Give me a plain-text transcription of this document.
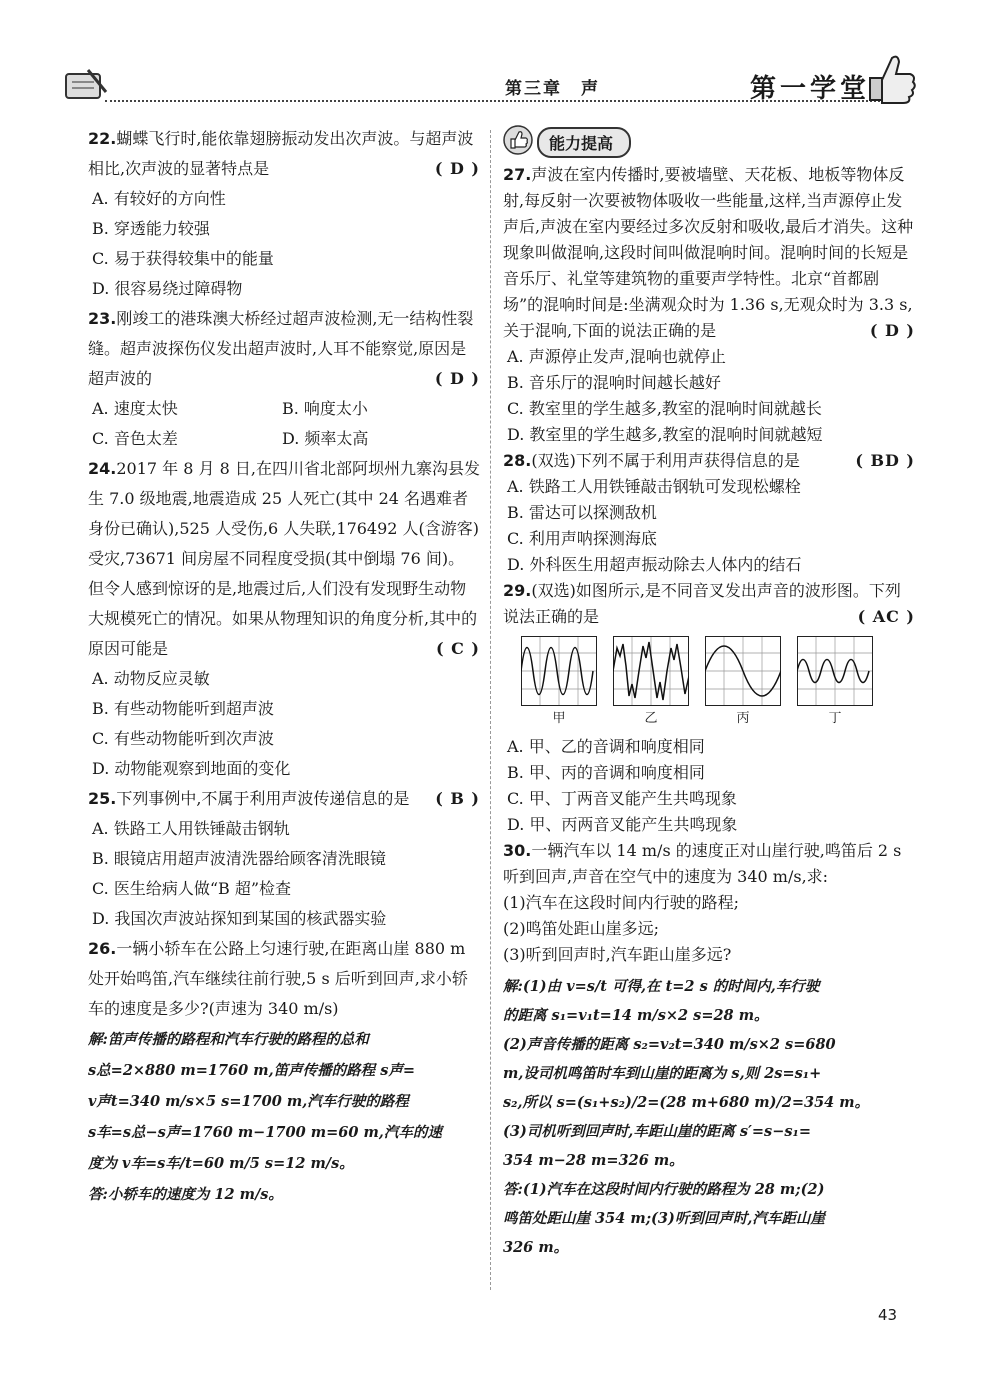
第三章　声	第一学堂

22.蝴蝶飞行时,能依靠翅膀振动发出次声波。与超声波相比,次声波的显著特点是	( D )

A. 有较好的方向性

B. 穿透能力较强

C. 易于获得较集中的能量

D. 很容易绕过障碍物

23.刚竣工的港珠澳大桥经过超声波检测,无一结构性裂缝。超声波探伤仪发出超声波时,人耳不能察觉,原因是超声波的	( D )

A. 速度太快	B. 响度太小
C. 音色太差	D. 频率太高

24.2017 年 8 月 8 日,在四川省北部阿坝州九寨沟县发生 7.0 级地震,地震造成 25 人死亡(其中 24 名遇难者身份已确认),525 人受伤,6 人失联,176492 人(含游客)受灾,73671 间房屋不同程度受损(其中倒塌 76 间)。但令人感到惊讶的是,地震过后,人们没有发现野生动物大规模死亡的情况。如果从物理知识的角度分析,其中的原因可能是	( C )

A. 动物反应灵敏

B. 有些动物能听到超声波

C. 有些动物能听到次声波

D. 动物能观察到地面的变化

25.下列事例中,不属于利用声波传递信息的是 ( B )

A. 铁路工人用铁锤敲击钢轨

B. 眼镜店用超声波清洗器给顾客清洗眼镜

C. 医生给病人做“B 超”检查

D. 我国次声波站探知到某国的核武器实验

26.一辆小轿车在公路上匀速行驶,在距离山崖 880 m 处开始鸣笛,汽车继续往前行驶,5 s 后听到回声,求小轿车的速度是多少?(声速为 340 m/s)

解:笛声传播的路程和汽车行驶的路程的总和

s总=2×880 m=1760 m,笛声传播的路程 s声=

v声t=340 m/s×5 s=1700 m,汽车行驶的路程

s车=s总−s声=1760 m−1700 m=60 m,汽车的速

度为 v车=s车/t=60 m/5 s=12 m/s。

答:小轿车的速度为 12 m/s。

能力提高

27.声波在室内传播时,要被墙壁、天花板、地板等物体反射,每反射一次要被物体吸收一些能量,这样,当声源停止发声后,声波在室内要经过多次反射和吸收,最后才消失。这种现象叫做混响,这段时间叫做混响时间。混响时间的长短是音乐厅、礼堂等建筑物的重要声学特性。北京“首都剧场”的混响时间是:坐满观众时为 1.36 s,无观众时为 3.3 s,关于混响,下面的说法正确的是	( D )

A. 声源停止发声,混响也就停止

B. 音乐厅的混响时间越长越好

C. 教室里的学生越多,教室的混响时间就越长

D. 教室里的学生越多,教室的混响时间就越短

28.(双选)下列不属于利用声获得信息的是	( BD )

A. 铁路工人用铁锤敲击钢轨可发现松螺栓

B. 雷达可以探测敌机

C. 利用声呐探测海底

D. 外科医生用超声振动除去人体内的结石

29.(双选)如图所示,是不同音叉发出声音的波形图。下列说法正确的是	( AC )

甲	乙	丙	丁

A. 甲、乙的音调和响度相同

B. 甲、丙的音调和响度相同

C. 甲、丁两音叉能产生共鸣现象

D. 甲、丙两音叉能产生共鸣现象

30.一辆汽车以 14 m/s 的速度正对山崖行驶,鸣笛后 2 s 听到回声,声音在空气中的速度为 340 m/s,求:

(1)汽车在这段时间内行驶的路程;

(2)鸣笛处距山崖多远;

(3)听到回声时,汽车距山崖多远?

解:(1)由 v=s/t 可得,在 t=2 s 的时间内,车行驶

的距离 s₁=v₁t=14 m/s×2 s=28 m。

(2)声音传播的距离 s₂=v₂t=340 m/s×2 s=680

m,设司机鸣笛时车到山崖的距离为 s,则 2s=s₁+

s₂,所以 s=(s₁+s₂)/2=(28 m+680 m)/2=354 m。

(3)司机听到回声时,车距山崖的距离 s′=s−s₁=

354 m−28 m=326 m。

答:(1)汽车在这段时间内行驶的路程为 28 m;(2)

鸣笛处距山崖 354 m;(3)听到回声时,汽车距山崖

326 m。

43
